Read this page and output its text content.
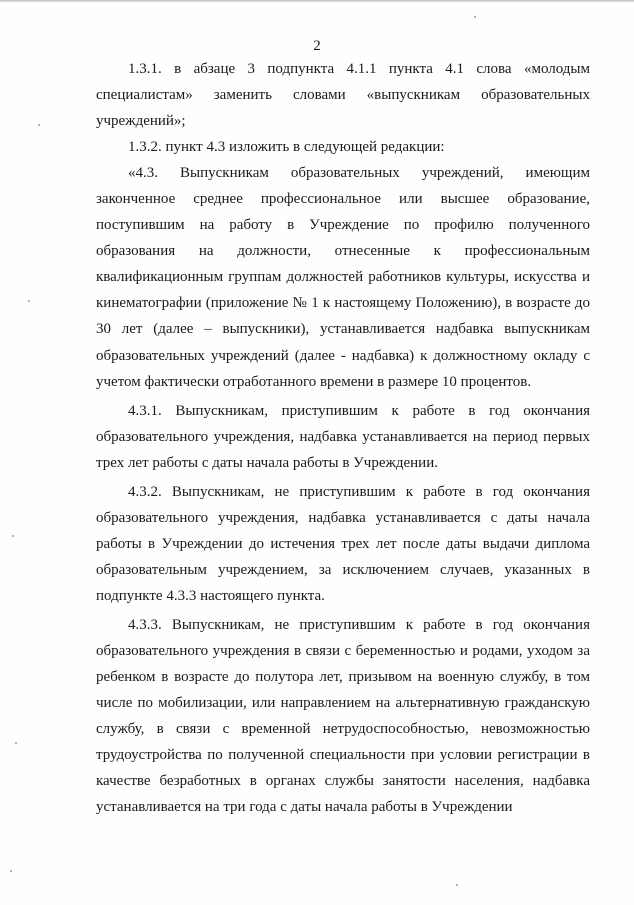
2

1.3.1. в абзаце 3 подпункта 4.1.1 пункта 4.1 слова «молодым специалистам» заменить словами «выпускникам образовательных учреждений»;

1.3.2. пункт 4.3 изложить в следующей редакции:

«4.3. Выпускникам образовательных учреждений, имеющим законченное среднее профессиональное или высшее образование, поступившим на работу в Учреждение по профилю полученного образования на должности, отнесенные к профессиональным квалификационным группам должностей работников культуры, искусства и кинематографии (приложение № 1 к настоящему Положению), в возрасте до 30 лет (далее – выпускники), устанавливается надбавка выпускникам образовательных учреждений (далее - надбавка) к должностному окладу с учетом фактически отработанного времени в размере 10 процентов.

4.3.1. Выпускникам, приступившим к работе в год окончания образовательного учреждения, надбавка устанавливается на период первых трех лет работы с даты начала работы в Учреждении.

4.3.2. Выпускникам, не приступившим к работе в год окончания образовательного учреждения, надбавка устанавливается с даты начала работы в Учреждении до истечения трех лет после даты выдачи диплома образовательным учреждением, за исключением случаев, указанных в подпункте 4.3.3 настоящего пункта.

4.3.3. Выпускникам, не приступившим к работе в год окончания образовательного учреждения в связи с беременностью и родами, уходом за ребенком в возрасте до полутора лет, призывом на военную службу, в том числе по мобилизации, или направлением на альтернативную гражданскую службу, в связи с временной нетрудоспособностью, невозможностью трудоустройства по полученной специальности при условии регистрации в качестве безработных в органах службы занятости населения, надбавка устанавливается на три года с даты начала работы в Учреждении
